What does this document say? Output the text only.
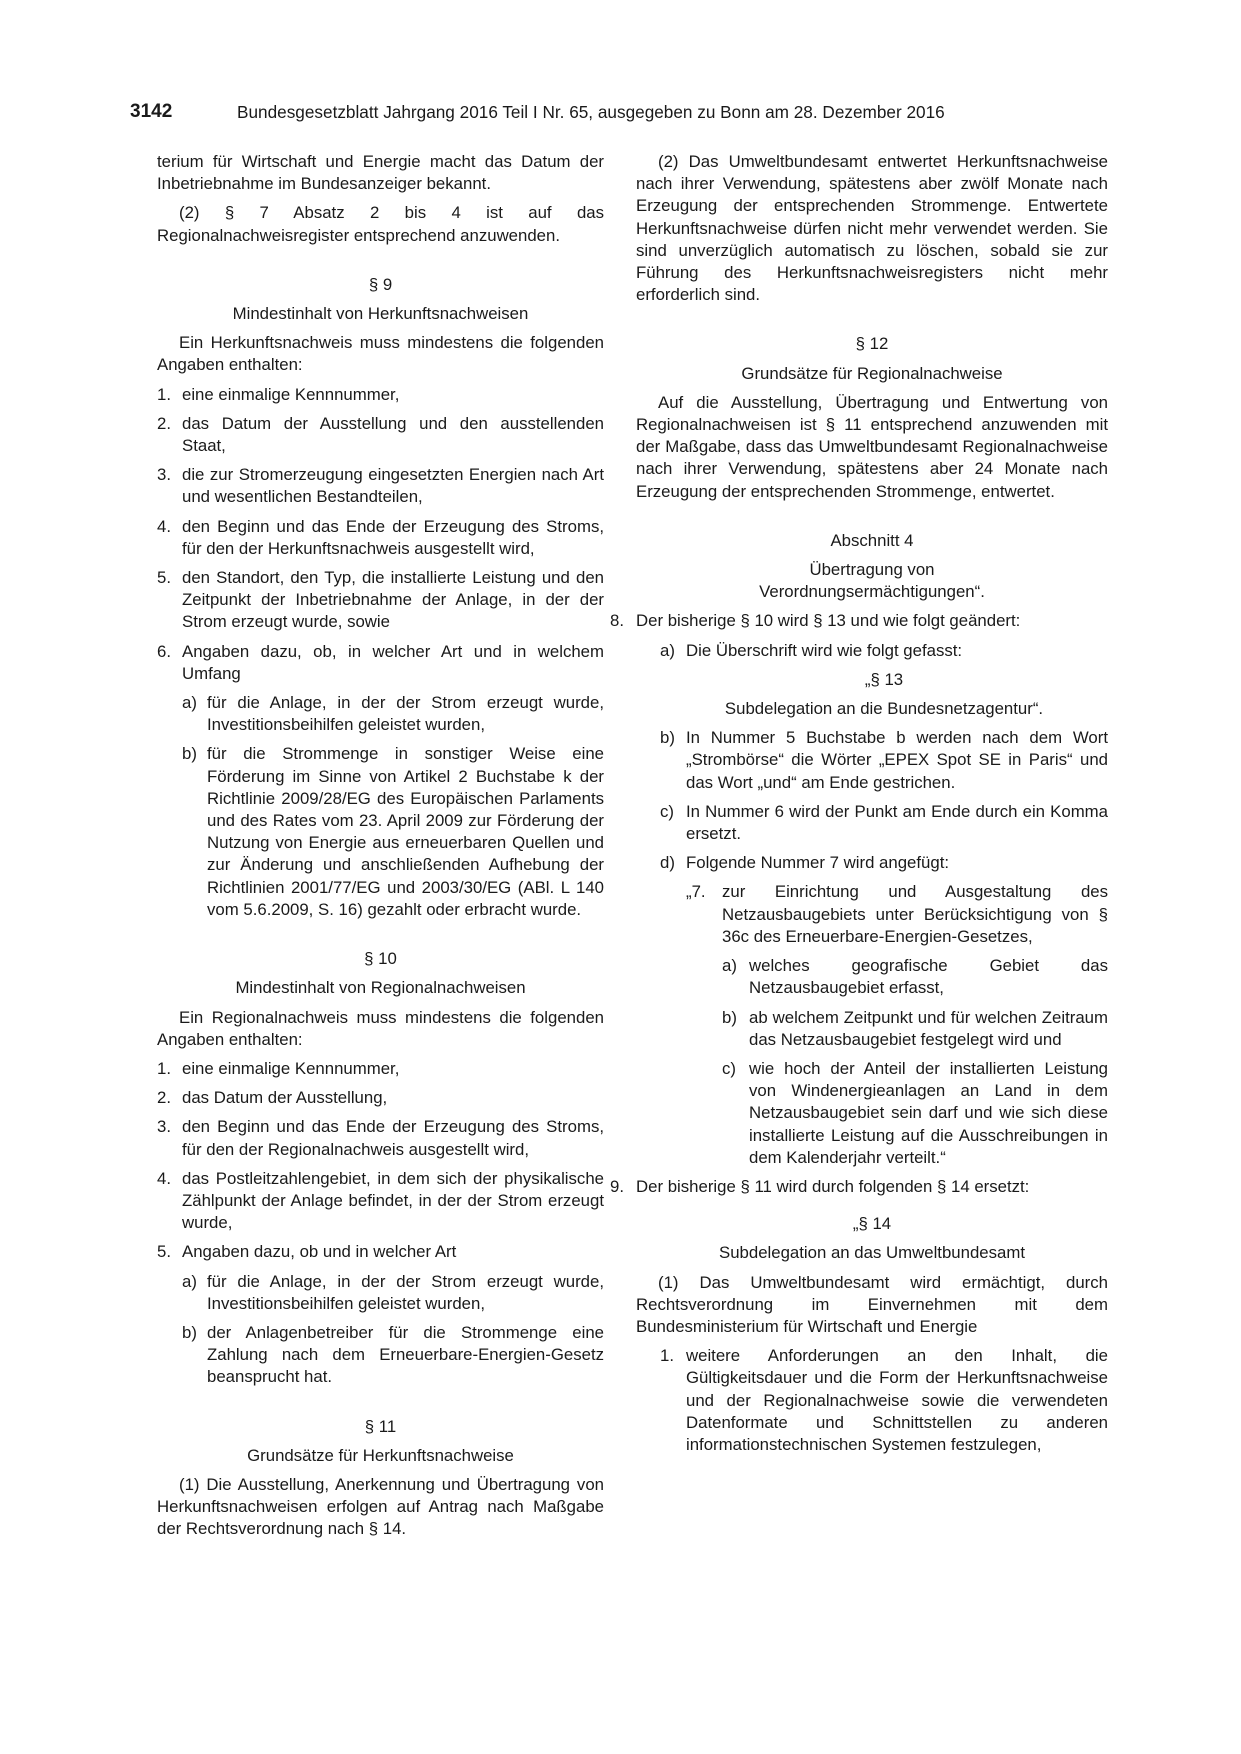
3142	Bundesgesetzblatt Jahrgang 2016 Teil I Nr. 65, ausgegeben zu Bonn am 28. Dezember 2016

terium für Wirtschaft und Energie macht das Datum der Inbetriebnahme im Bundesanzeiger bekannt.

(2) § 7 Absatz 2 bis 4 ist auf das Regionalnachweisregister entsprechend anzuwenden.

§ 9

Mindestinhalt von Herkunftsnachweisen

Ein Herkunftsnachweis muss mindestens die folgenden Angaben enthalten:

1. eine einmalige Kennnummer,
2. das Datum der Ausstellung und den ausstellenden Staat,
3. die zur Stromerzeugung eingesetzten Energien nach Art und wesentlichen Bestandteilen,
4. den Beginn und das Ende der Erzeugung des Stroms, für den der Herkunftsnachweis ausgestellt wird,
5. den Standort, den Typ, die installierte Leistung und den Zeitpunkt der Inbetriebnahme der Anlage, in der der Strom erzeugt wurde, sowie
6. Angaben dazu, ob, in welcher Art und in welchem Umfang
a) für die Anlage, in der der Strom erzeugt wurde, Investitionsbeihilfen geleistet wurden,
b) für die Strommenge in sonstiger Weise eine Förderung im Sinne von Artikel 2 Buchstabe k der Richtlinie 2009/28/EG des Europäischen Parlaments und des Rates vom 23. April 2009 zur Förderung der Nutzung von Energie aus erneuerbaren Quellen und zur Änderung und anschließenden Aufhebung der Richtlinien 2001/77/EG und 2003/30/EG (ABl. L 140 vom 5.6.2009, S. 16) gezahlt oder erbracht wurde.

§ 10

Mindestinhalt von Regionalnachweisen

Ein Regionalnachweis muss mindestens die folgenden Angaben enthalten:

1. eine einmalige Kennnummer,
2. das Datum der Ausstellung,
3. den Beginn und das Ende der Erzeugung des Stroms, für den der Regionalnachweis ausgestellt wird,
4. das Postleitzahlengebiet, in dem sich der physikalische Zählpunkt der Anlage befindet, in der der Strom erzeugt wurde,
5. Angaben dazu, ob und in welcher Art
a) für die Anlage, in der der Strom erzeugt wurde, Investitionsbeihilfen geleistet wurden,
b) der Anlagenbetreiber für die Strommenge eine Zahlung nach dem Erneuerbare-Energien-Gesetz beansprucht hat.

§ 11

Grundsätze für Herkunftsnachweise

(1) Die Ausstellung, Anerkennung und Übertragung von Herkunftsnachweisen erfolgen auf Antrag nach Maßgabe der Rechtsverordnung nach § 14.

(2) Das Umweltbundesamt entwertet Herkunftsnachweise nach ihrer Verwendung, spätestens aber zwölf Monate nach Erzeugung der entsprechenden Strommenge. Entwertete Herkunftsnachweise dürfen nicht mehr verwendet werden. Sie sind unverzüglich automatisch zu löschen, sobald sie zur Führung des Herkunftsnachweisregisters nicht mehr erforderlich sind.

§ 12

Grundsätze für Regionalnachweise

Auf die Ausstellung, Übertragung und Entwertung von Regionalnachweisen ist § 11 entsprechend anzuwenden mit der Maßgabe, dass das Umweltbundesamt Regionalnachweise nach ihrer Verwendung, spätestens aber 24 Monate nach Erzeugung der entsprechenden Strommenge, entwertet.

Abschnitt 4

Übertragung von

Verordnungsermächtigungen“.

8. Der bisherige § 10 wird § 13 und wie folgt geändert:
a) Die Überschrift wird wie folgt gefasst:

„§ 13

Subdelegation an die Bundesnetzagentur“.

b) In Nummer 5 Buchstabe b werden nach dem Wort „Strombörse“ die Wörter „EPEX Spot SE in Paris“ und das Wort „und“ am Ende gestrichen.
c) In Nummer 6 wird der Punkt am Ende durch ein Komma ersetzt.
d) Folgende Nummer 7 wird angefügt:
„7. zur Einrichtung und Ausgestaltung des Netzausbaugebiets unter Berücksichtigung von § 36c des Erneuerbare-Energien-Gesetzes,
a) welches geografische Gebiet das Netzausbaugebiet erfasst,
b) ab welchem Zeitpunkt und für welchen Zeitraum das Netzausbaugebiet festgelegt wird und
c) wie hoch der Anteil der installierten Leistung von Windenergieanlagen an Land in dem Netzausbaugebiet sein darf und wie sich diese installierte Leistung auf die Ausschreibungen in dem Kalenderjahr verteilt.“
9. Der bisherige § 11 wird durch folgenden § 14 ersetzt:

„§ 14

Subdelegation an das Umweltbundesamt

(1) Das Umweltbundesamt wird ermächtigt, durch Rechtsverordnung im Einvernehmen mit dem Bundesministerium für Wirtschaft und Energie

1. weitere Anforderungen an den Inhalt, die Gültigkeitsdauer und die Form der Herkunftsnachweise und der Regionalnachweise sowie die verwendeten Datenformate und Schnittstellen zu anderen informationstechnischen Systemen festzulegen,
